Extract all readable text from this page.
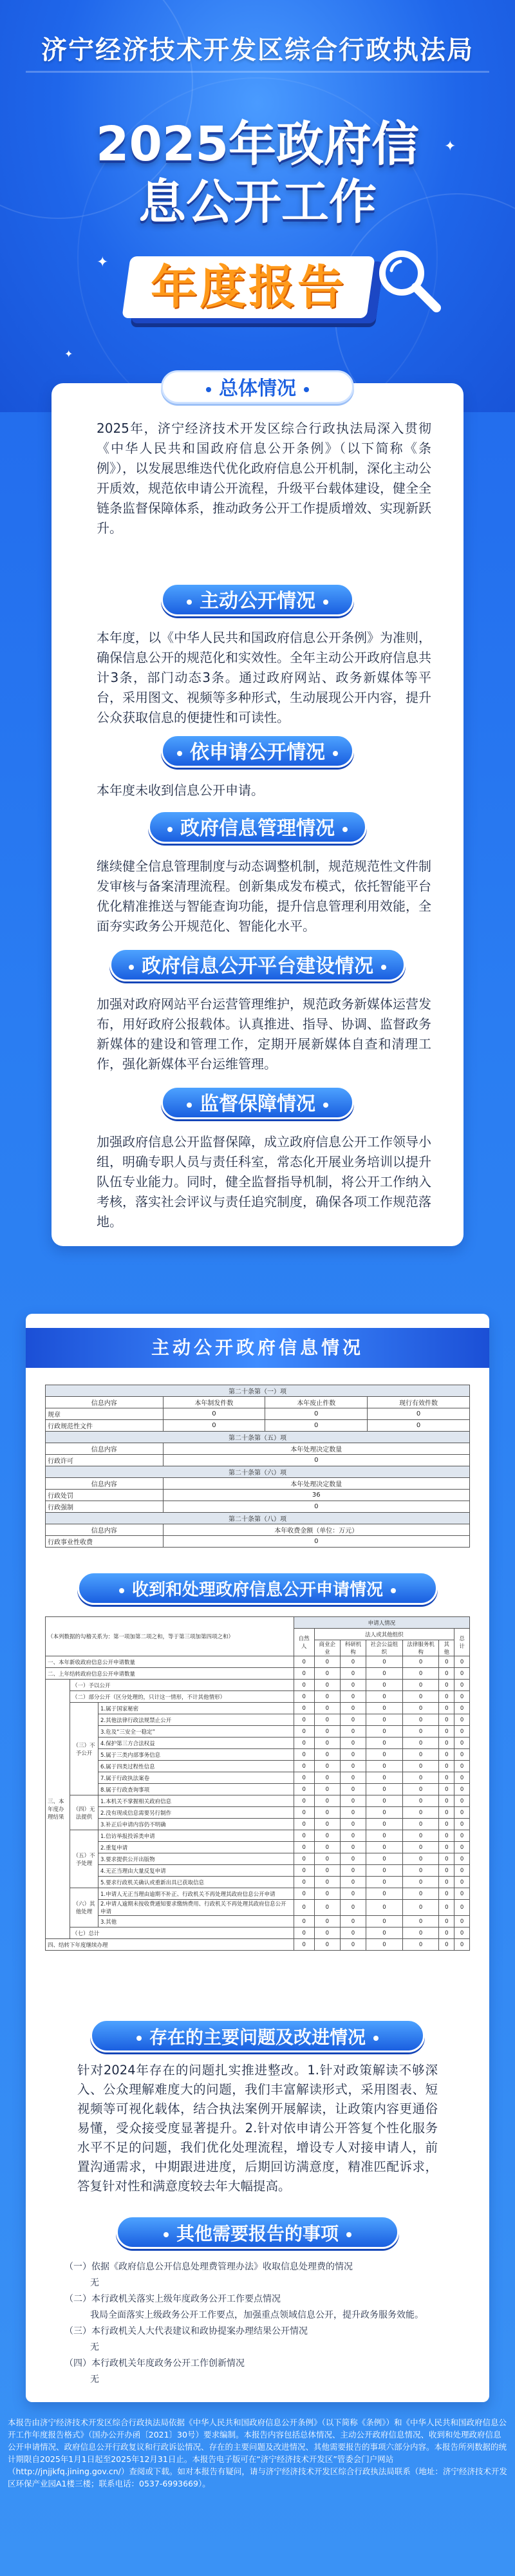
济宁经济技术开发区综合行政执法局
2025年政府信
息公开工作
年度报告
✦
✦
✦
总体情况
2025年，济宁经济技术开发区综合行政执法局深入贯彻《中华人民共和国政府信息公开条例》（以下简称《条例》），以发展思维迭代优化政府信息公开机制，深化主动公开质效，规范依申请公开流程，升级平台载体建设，健全全链条监督保障体系，推动政务公开工作提质增效、实现新跃升。
主动公开情况
本年度，以《中华人民共和国政府信息公开条例》为准则，确保信息公开的规范化和实效性。全年主动公开政府信息共计3条，部门动态3条。通过政府网站、政务新媒体等平台，采用图文、视频等多种形式，生动展现公开内容，提升公众获取信息的便捷性和可读性。
依申请公开情况
本年度未收到信息公开申请。
政府信息管理情况
继续健全信息管理制度与动态调整机制，规范规范性文件制发审核与备案清理流程。创新集成发布模式，依托智能平台优化精准推送与智能查询功能，提升信息管理利用效能，全面夯实政务公开规范化、智能化水平。
政府信息公开平台建设情况
加强对政府网站平台运营管理维护，规范政务新媒体运营发布，用好政府公报载体。认真推进、指导、协调、监督政务新媒体的建设和管理工作，定期开展新媒体自查和清理工作，强化新媒体平台运维管理。
监督保障情况
加强政府信息公开监督保障，成立政府信息公开工作领导小组，明确专职人员与责任科室，常态化开展业务培训以提升队伍专业能力。同时，健全监督指导机制，将公开工作纳入考核，落实社会评议与责任追究制度，确保各项工作规范落地。
主动公开政府信息情况
第二十条第（一）项			
信息内容	本年制发件数	本年废止件数	现行有效件数
规章	0	0	0
行政规范性文件	0	0	0
第二十条第（五）项			
信息内容	本年处理决定数量		
行政许可	0		
第二十条第（六）项			
信息内容	本年处理决定数量		
行政处罚	36		
行政强制	0		
第二十条第（八）项			
信息内容	本年收费金额（单位：万元）		
行政事业性收费	0		
收到和处理政府信息公开申请情况
（本列数据的勾稽关系为：第一项加第二项之和，等于第三项加第四项之和）			申请人情况						
			自然人	法人或其他组织					总计
				商业企业	科研机构	社会公益组织	法律服务机构	其他	
一、本年新收政府信息公开申请数量			0	0	0	0	0	0	0
二、上年结转政府信息公开申请数量			0	0	0	0	0	0	0
三、本年度办理结果	（一）予以公开		0	0	0	0	0	0	0
	（二）部分公开（区分处理的，只计这一情形，不计其他情形）		0	0	0	0	0	0	0
	（三）不予公开	1.属于国家秘密	0	0	0	0	0	0	0
		2.其他法律行政法规禁止公开	0	0	0	0	0	0	0
		3.危及“三安全一稳定”	0	0	0	0	0	0	0
		4.保护第三方合法权益	0	0	0	0	0	0	0
		5.属于三类内部事务信息	0	0	0	0	0	0	0
		6.属于四类过程性信息	0	0	0	0	0	0	0
		7.属于行政执法案卷	0	0	0	0	0	0	0
		8.属于行政查询事项	0	0	0	0	0	0	0
	（四）无法提供	1.本机关不掌握相关政府信息	0	0	0	0	0	0	0
		2.没有现成信息需要另行制作	0	0	0	0	0	0	0
		3.补正后申请内容仍不明确	0	0	0	0	0	0	0
	（五）不予处理	1.信访举报投诉类申请	0	0	0	0	0	0	0
		2.重复申请	0	0	0	0	0	0	0
		3.要求提供公开出版物	0	0	0	0	0	0	0
		4.无正当理由大量反复申请	0	0	0	0	0	0	0
		5.要求行政机关确认或重新出具已获取信息	0	0	0	0	0	0	0
	（六）其他处理	1.申请人无正当理由逾期不补正、行政机关不再处理其政府信息公开申请	0	0	0	0	0	0	0
		2.申请人逾期未按收费通知要求缴纳费用、行政机关不再处理其政府信息公开申请	0	0	0	0	0	0	0
		3.其他	0	0	0	0	0	0	0
	（七）总计		0	0	0	0	0	0	0
四、结转下年度继续办理			0	0	0	0	0	0	0
存在的主要问题及改进情况
针对2024年存在的问题扎实推进整改。1.针对政策解读不够深入、公众理解难度大的问题，我们丰富解读形式，采用图表、短视频等可视化载体，结合执法案例开展解读，让政策内容更通俗易懂，受众接受度显著提升。2.针对依申请公开答复个性化服务水平不足的问题，我们优化处理流程，增设专人对接申请人，前置沟通需求，中期跟进进度，后期回访满意度，精准匹配诉求，答复针对性和满意度较去年大幅提高。
其他需要报告的事项
（一）依据《政府信息公开信息处理费管理办法》收取信息处理费的情况
无
（二）本行政机关落实上级年度政务公开工作要点情况
我局全面落实上级政务公开工作要点，加强重点领域信息公开，提升政务服务效能。
（三）本行政机关人大代表建议和政协提案办理结果公开情况
无
（四）本行政机关年度政务公开工作创新情况
无
本报告由济宁经济技术开发区综合行政执法局依据《中华人民共和国政府信息公开条例》（以下简称《条例》）和《中华人民共和国政府信息公开工作年度报告格式》（国办公开办函〔2021〕30号）要求编制。本报告内容包括总体情况、主动公开政府信息情况、收到和处理政府信息公开申请情况、政府信息公开行政复议和行政诉讼情况、存在的主要问题及改进情况、其他需要报告的事项六部分内容。本报告所列数据的统计期限自2025年1月1日起至2025年12月31日止。本报告电子版可在“济宁经济技术开发区”管委会门户网站（http://jnjjkfq.jining.gov.cn/）查阅或下载。如对本报告有疑问，请与济宁经济技术开发区综合行政执法局联系（地址：济宁经济技术开发区环保产业园A1楼三楼；联系电话：0537-6993669）。
